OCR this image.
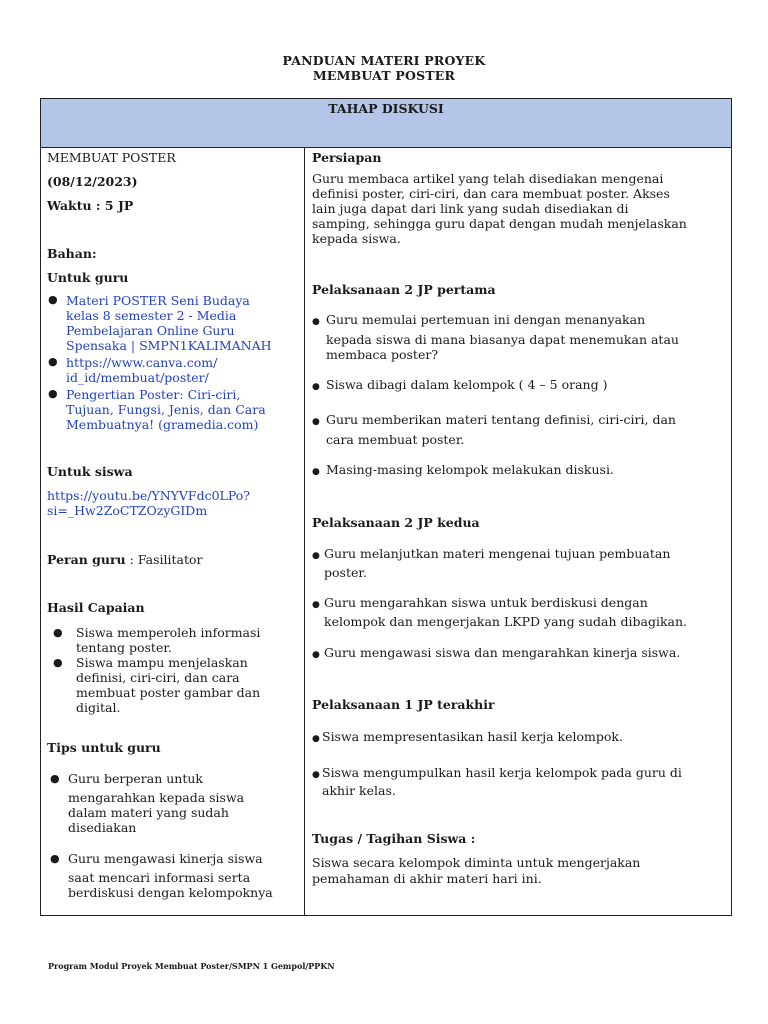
PANDUAN MATERI PROYEK
MEMBUAT POSTER
TAHAP DISKUSI
MEMBUAT POSTER
(08/12/2023)
Waktu : 5 JP
Bahan:
Untuk guru
● Materi POSTER Seni Budaya
kelas 8 semester 2 - Media
Pembelajaran Online Guru
Spensaka | SMPN1KALIMANAH
● https://www.canva.com/
id_id/membuat/poster/
● Pengertian Poster: Ciri-ciri,
Tujuan, Fungsi, Jenis, dan Cara
Membuatnya! (gramedia.com)
Untuk siswa
https://youtu.be/YNYVFdc0LPo?
si=_Hw2ZoCTZOzyGIDm
Peran guru : Fasilitator
Hasil Capaian
● Siswa memperoleh informasi
tentang poster.
● Siswa mampu menjelaskan
definisi, ciri-ciri, dan cara
membuat poster gambar dan
digital.
Tips untuk guru
● Guru berperan untuk
mengarahkan kepada siswa
dalam materi yang sudah
disediakan
● Guru mengawasi kinerja siswa
saat mencari informasi serta
berdiskusi dengan kelompoknya
Persiapan
Guru membaca artikel yang telah disediakan mengenai
definisi poster, ciri-ciri, dan cara membuat poster. Akses
lain juga dapat dari link yang sudah disediakan di
samping, sehingga guru dapat dengan mudah menjelaskan
kepada siswa.
Pelaksanaan 2 JP pertama
● Guru memulai pertemuan ini dengan menanyakan
kepada siswa di mana biasanya dapat menemukan atau
membaca poster?
● Siswa dibagi dalam kelompok ( 4 – 5 orang )
● Guru memberikan materi tentang definisi, ciri-ciri, dan
cara membuat poster.
● Masing-masing kelompok melakukan diskusi.
Pelaksanaan 2 JP kedua
● Guru melanjutkan materi mengenai tujuan pembuatan
poster.
● Guru mengarahkan siswa untuk berdiskusi dengan
kelompok dan mengerjakan LKPD yang sudah dibagikan.
● Guru mengawasi siswa dan mengarahkan kinerja siswa.
Pelaksanaan 1 JP terakhir
● Siswa mempresentasikan hasil kerja kelompok.
● Siswa mengumpulkan hasil kerja kelompok pada guru di
akhir kelas.
Tugas / Tagihan Siswa :
Siswa secara kelompok diminta untuk mengerjakan
pemahaman di akhir materi hari ini.
Program Modul Proyek Membuat Poster/SMPN 1 Gempol/PPKN
